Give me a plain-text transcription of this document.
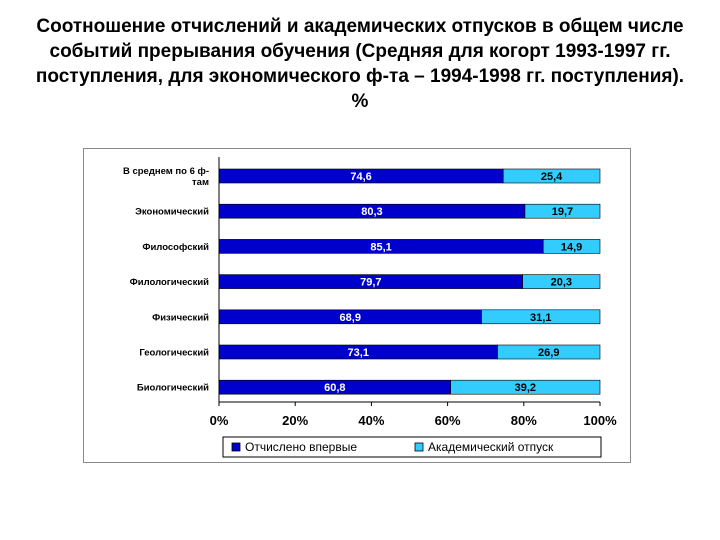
Соотношение отчислений и академических отпусков в общем числе событий прерывания обучения (Средняя для когорт 1993-1997 гг. поступления, для экономического ф-та – 1994-1998 гг. поступления). %
В среднем по 6 ф-
там
Экономический
Философский
Филологический
Физический
Геологический
Биологический
74,6	25,4
80,3	19,7
85,1	14,9
79,7	20,3
68,9	31,1
73,1	26,9
60,8	39,2
0%	20%	40%	60%	80%	100%
Отчислено впервые	Академический отпуск
